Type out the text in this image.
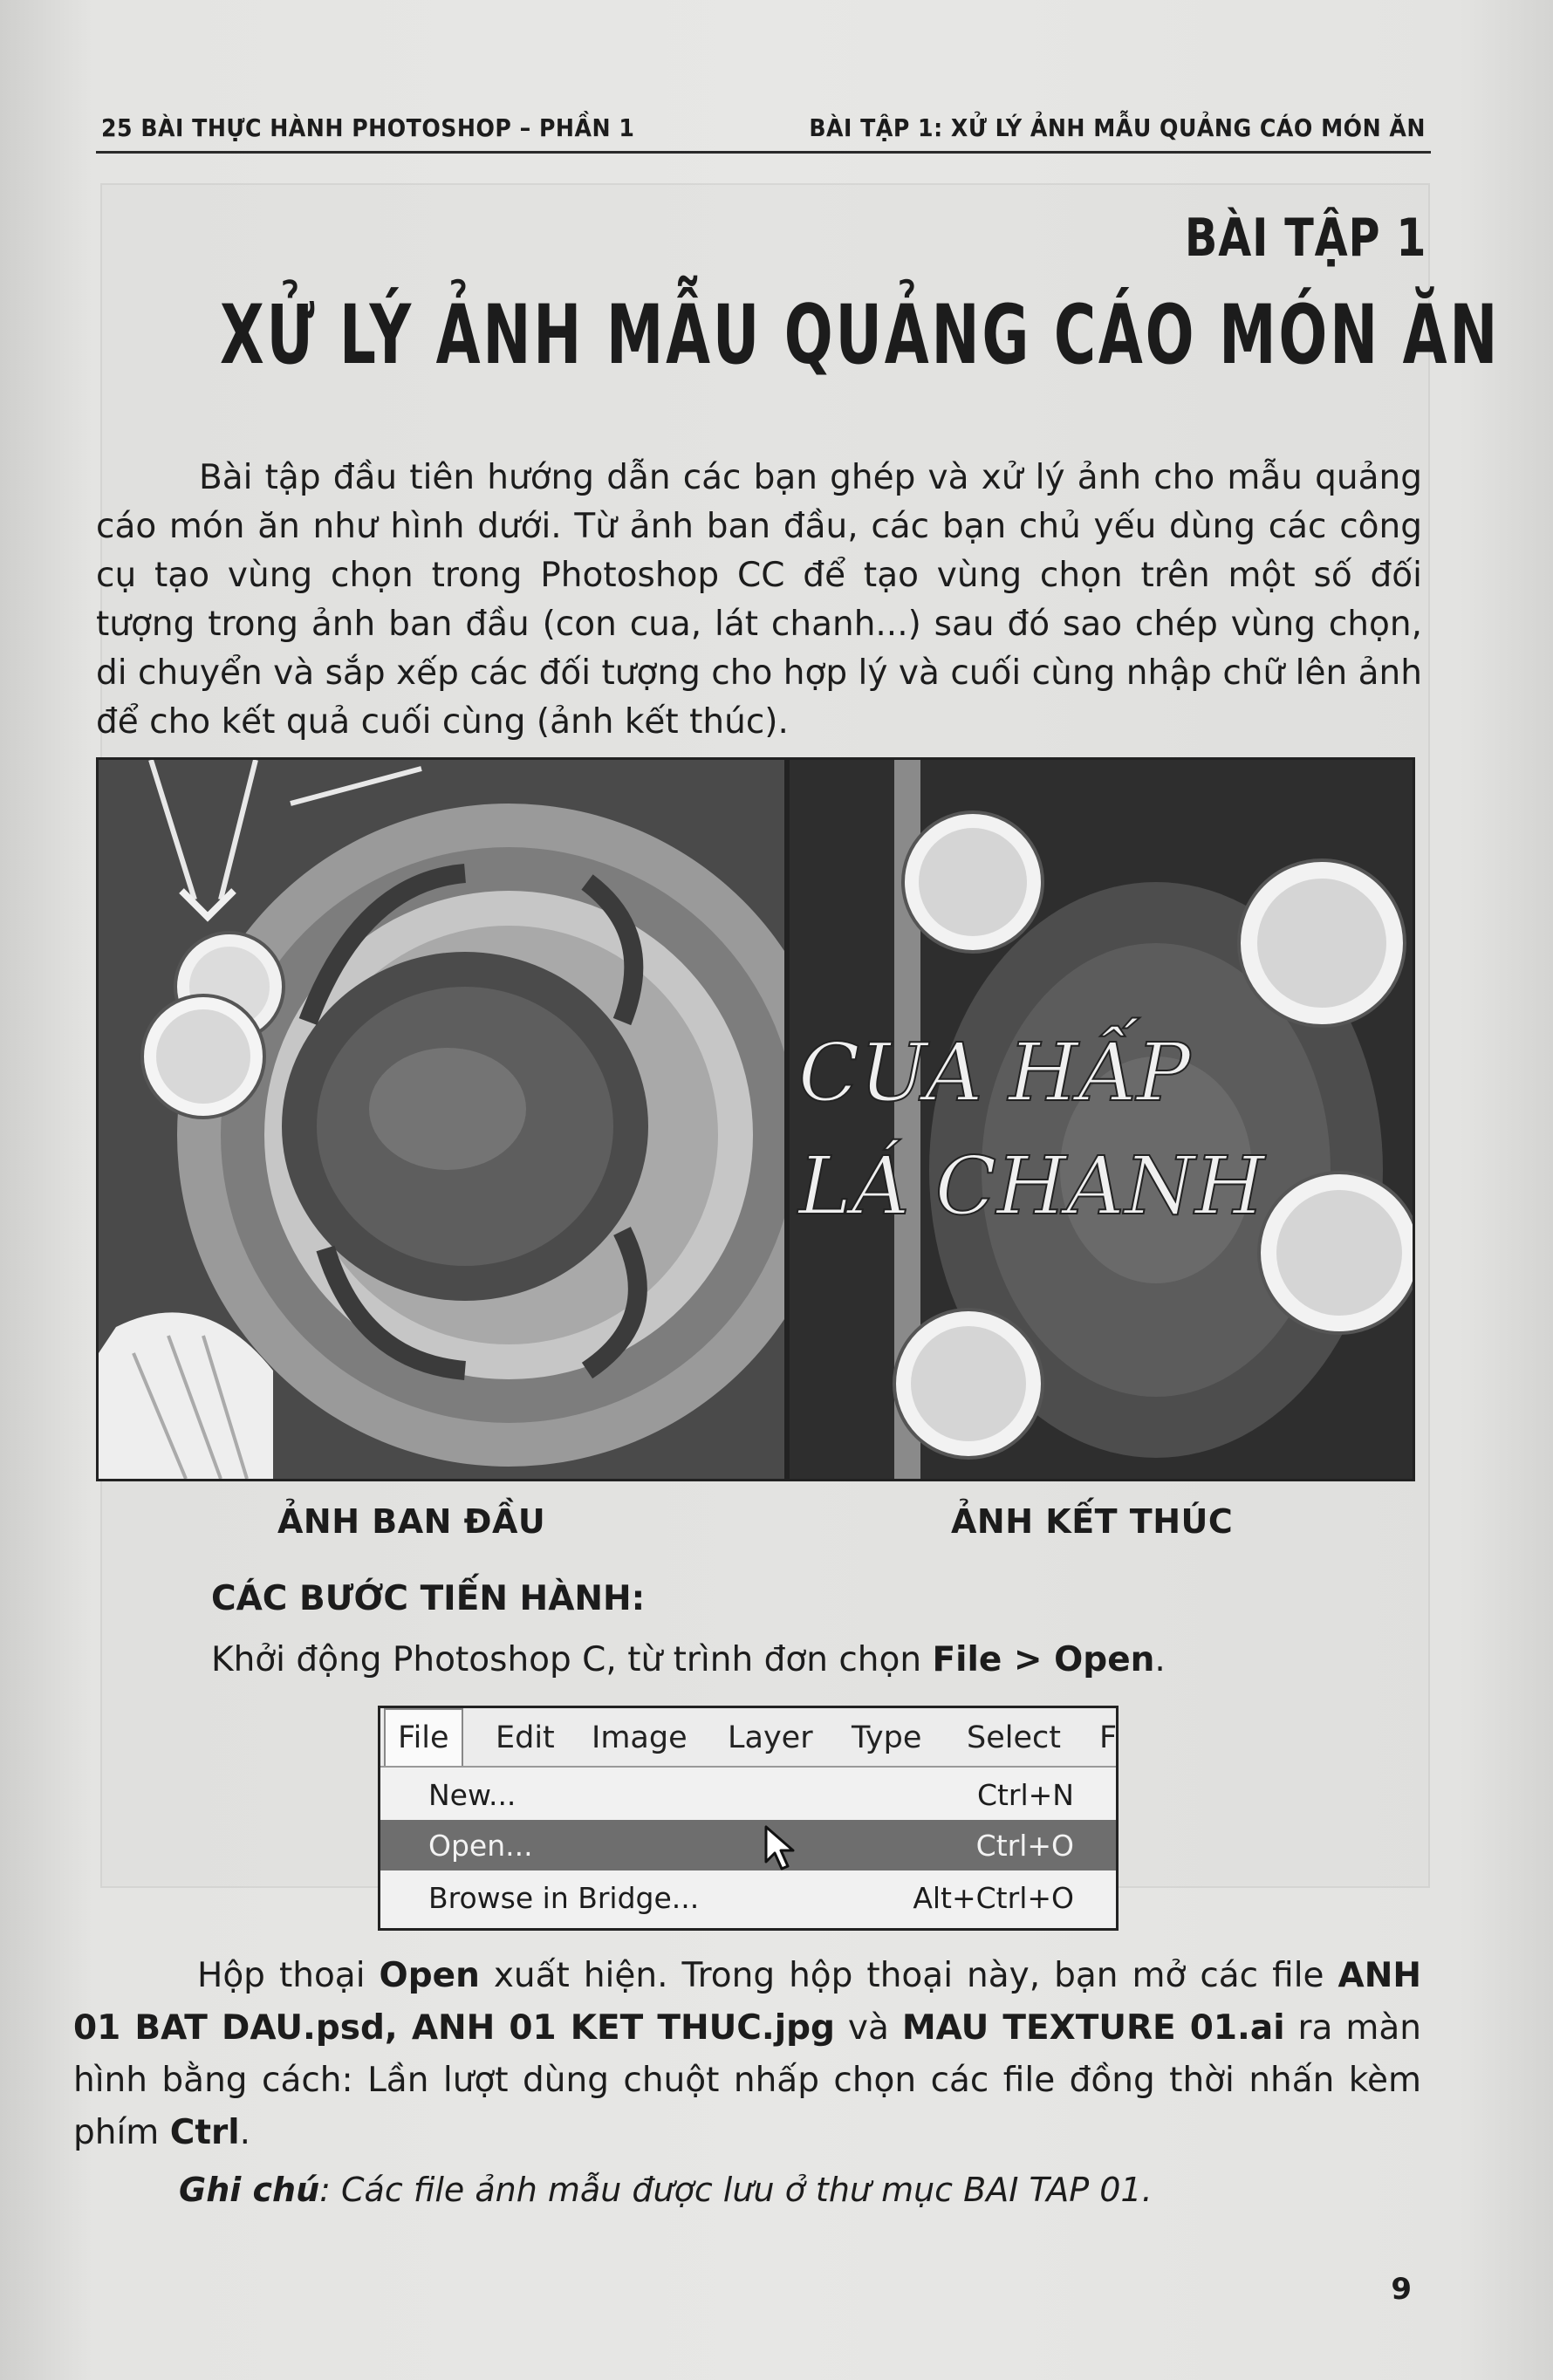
25 BÀI THỰC HÀNH PHOTOSHOP – PHẦN 1	BÀI TẬP 1: XỬ LÝ ẢNH MẪU QUẢNG CÁO MÓN ĂN
BÀI TẬP 1
XỬ LÝ ẢNH MẪU QUẢNG CÁO MÓN ĂN
Bài tập đầu tiên hướng dẫn các bạn ghép và xử lý ảnh cho mẫu quảng cáo món ăn như hình dưới. Từ ảnh ban đầu, các bạn chủ yếu dùng các công cụ tạo vùng chọn trong Photoshop CC để tạo vùng chọn trên một số đối tượng trong ảnh ban đầu (con cua, lát chanh...) sau đó sao chép vùng chọn, di chuyển và sắp xếp các đối tượng cho hợp lý và cuối cùng nhập chữ lên ảnh để cho kết quả cuối cùng (ảnh kết thúc).
CUA HẤP
LÁ CHANH
ẢNH BAN ĐẦU	ẢNH KẾT THÚC
CÁC BƯỚC TIẾN HÀNH:
Khởi động Photoshop C, từ trình đơn chọn File > Open.
File	Edit Image Layer Type Select F
New...	Ctrl+N
Open...	Ctrl+O
Browse in Bridge...	Alt+Ctrl+O
Hộp thoại Open xuất hiện. Trong hộp thoại này, bạn mở các file ANH 01 BAT DAU.psd, ANH 01 KET THUC.jpg và MAU TEXTURE 01.ai ra màn hình bằng cách: Lần lượt dùng chuột nhấp chọn các file đồng thời nhấn kèm phím Ctrl.
Ghi chú: Các file ảnh mẫu được lưu ở thư mục BAI TAP 01.
9
